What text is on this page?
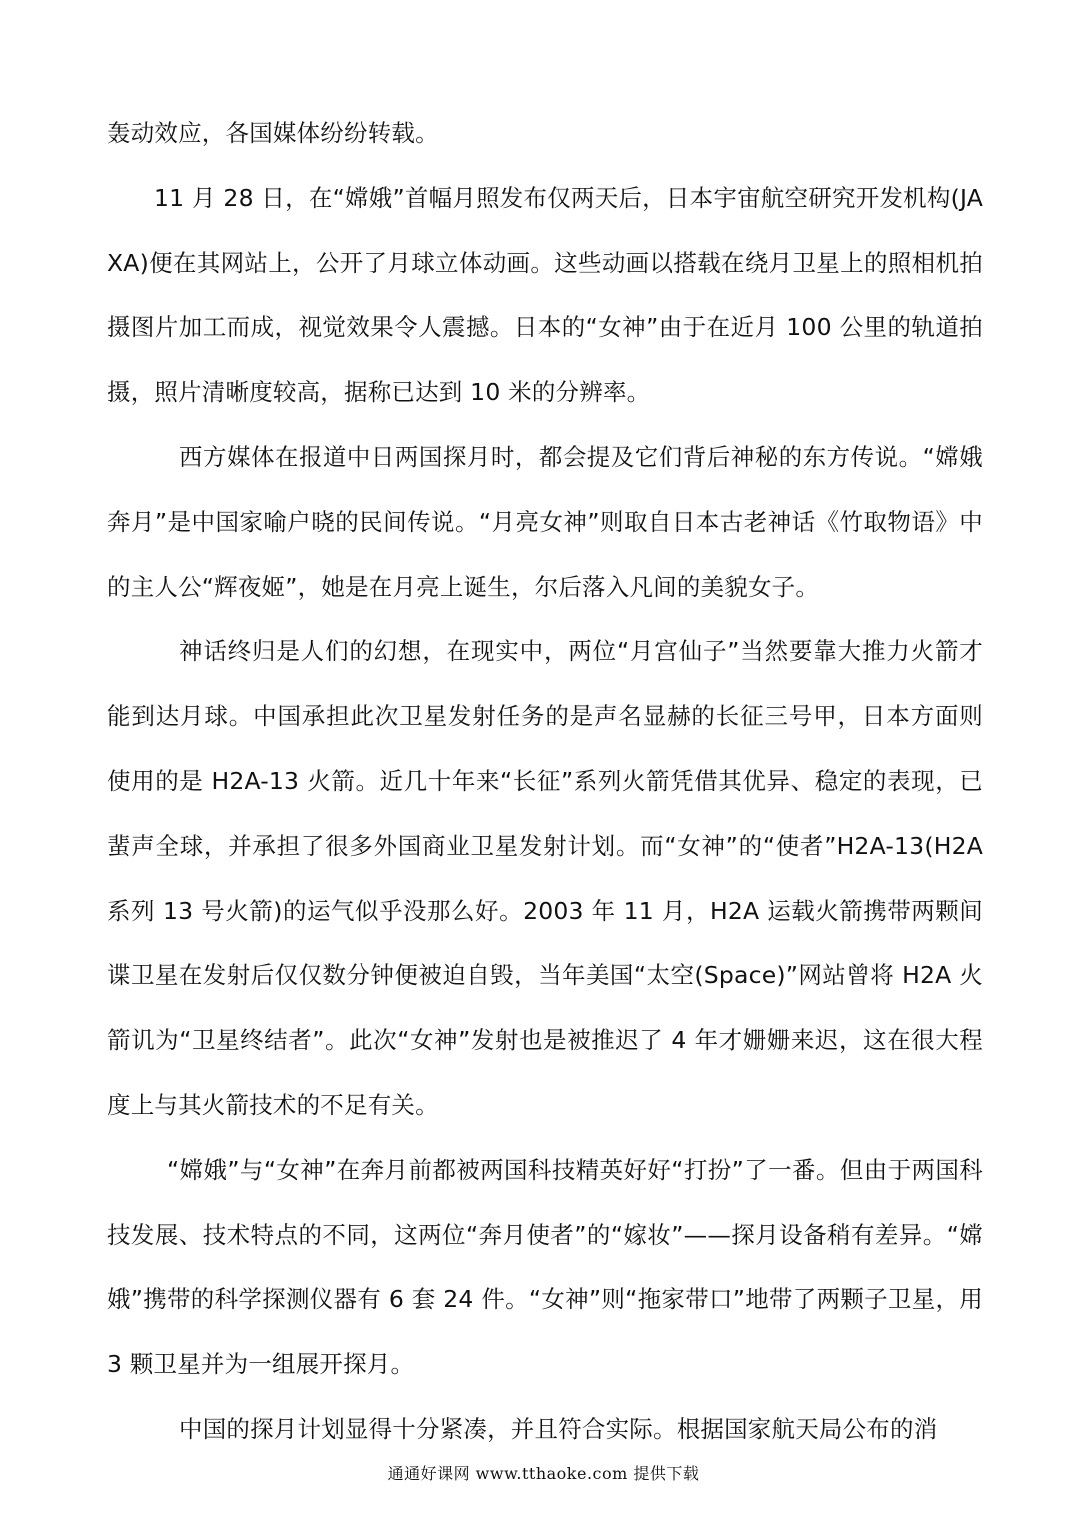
轰动效应，各国媒体纷纷转载。

11 月 28 日，在“嫦娥”首幅月照发布仅两天后，日本宇宙航空研究开发机构(JAXA)便在其网站上，公开了月球立体动画。这些动画以搭载在绕月卫星上的照相机拍摄图片加工而成，视觉效果令人震撼。日本的“女神”由于在近月 100 公里的轨道拍摄，照片清晰度较高，据称已达到 10 米的分辨率。

西方媒体在报道中日两国探月时，都会提及它们背后神秘的东方传说。“嫦娥奔月”是中国家喻户晓的民间传说。“月亮女神”则取自日本古老神话《竹取物语》中的主人公“辉夜姬”，她是在月亮上诞生，尔后落入凡间的美貌女子。

神话终归是人们的幻想，在现实中，两位“月宫仙子”当然要靠大推力火箭才能到达月球。中国承担此次卫星发射任务的是声名显赫的长征三号甲，日本方面则使用的是 H2A-13 火箭。近几十年来“长征”系列火箭凭借其优异、稳定的表现，已蜚声全球，并承担了很多外国商业卫星发射计划。而“女神”的“使者”H2A-13(H2A 系列 13 号火箭)的运气似乎没那么好。2003 年 11 月，H2A 运载火箭携带两颗间谍卫星在发射后仅仅数分钟便被迫自毁，当年美国“太空(Space)”网站曾将 H2A 火箭讥为“卫星终结者”。此次“女神”发射也是被推迟了 4 年才姗姗来迟，这在很大程度上与其火箭技术的不足有关。

“嫦娥”与“女神”在奔月前都被两国科技精英好好“打扮”了一番。但由于两国科技发展、技术特点的不同，这两位“奔月使者”的“嫁妆”——探月设备稍有差异。“嫦娥”携带的科学探测仪器有 6 套 24 件。“女神”则“拖家带口”地带了两颗子卫星，用 3 颗卫星并为一组展开探月。

中国的探月计划显得十分紧凑，并且符合实际。根据国家航天局公布的消

通通好课网 www.tthaoke.com 提供下载
